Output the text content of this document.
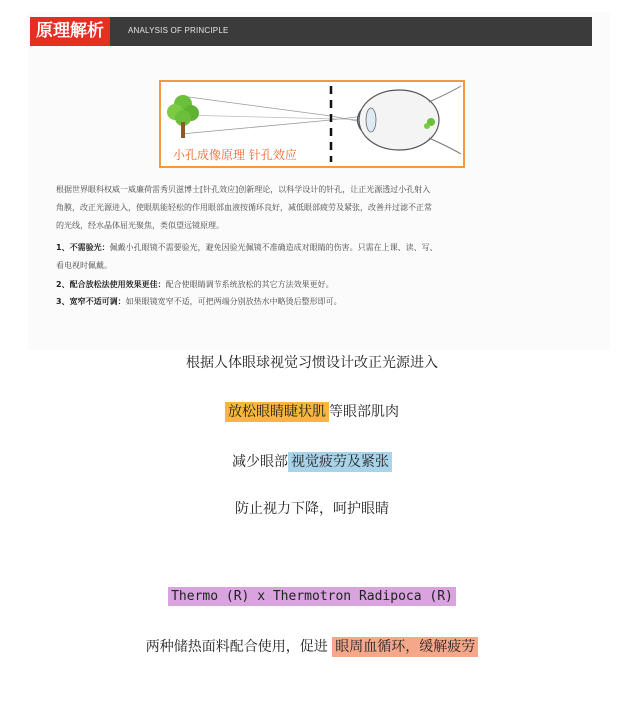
原理解析	ANALYSIS OF PRINCIPLE
小孔成像原理 针孔效应
根据世界眼科权威一威廉荷雷秀贝滋博士[针孔效应]创新理论，以科学设计的针孔，让正光源透过小孔射入
角膜，改正光源进入，使眼肌能轻松的作用眼部血液按循环良好，减低眼部疲劳及紧张，改善并过滤不正常
的光线，经水晶体屈光聚焦，类似望远镜原理。
1、不需验光：佩戴小孔眼镜不需要验光，避免因验光佩镜不准确造成对眼睛的伤害。只需在上课、读、写、
看电视时佩戴。
2、配合放松法使用效果更佳：配合使眼睛调节系统放松的其它方法效果更好。
3、宽窄不适可调：如果眼镜宽窄不适，可把两端分别放热水中略烫后整形即可。
根据人体眼球视觉习惯设计改正光源进入
放松眼睛睫状肌 等眼部肌肉
减少眼部 视觉疲劳及紧张
防止视力下降，呵护眼睛
Thermo (R) x Thermotron Radipoca (R)
两种储热面料配合使用，促进 眼周血循环，缓解疲劳
